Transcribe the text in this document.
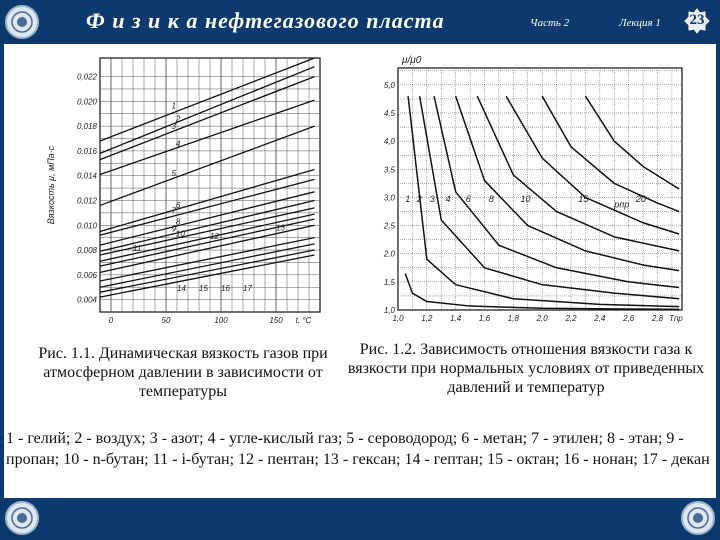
Ф и з и к а нефтегазового пласта	Часть 2	Лекция 1	23
1
2
3
4
5
6
7
8
9
10
11
12
13
14 15 16 17
0,022
0,020
0,018
0,016
0,014
0,012
0,010
0,008
0,006
0,004
0	50	100	150 t, °C
Вязкость μ, мПа·с	1 2 3 4 6 8	10	15	20
pпр
5,0
4,5
4,0
3,5
3,0
2,5
2,0
1,5
1,0
1,0 1,2 1,4 1,6 1,8 2,0 2,2 2,4 2,6 2,8 Tпр
μ/μ0
Рис. 1.1. Динамическая вязкость газов при атмосферном давлении в зависимости от температуры
Рис. 1.2. Зависимость отношения вязкости газа к вязкости при нормальных условиях от приведенных давлений и температур
1 - гелий; 2 - воздух; 3 - азот; 4 - угле-кислый газ; 5 - сероводород; 6 - метан; 7 - этилен; 8 - этан; 9 - пропан; 10 - n-бутан; 11 - i-бутан; 12 - пентан; 13 - гексан; 14 - гептан; 15 - октан; 16 - нонан; 17 - декан
